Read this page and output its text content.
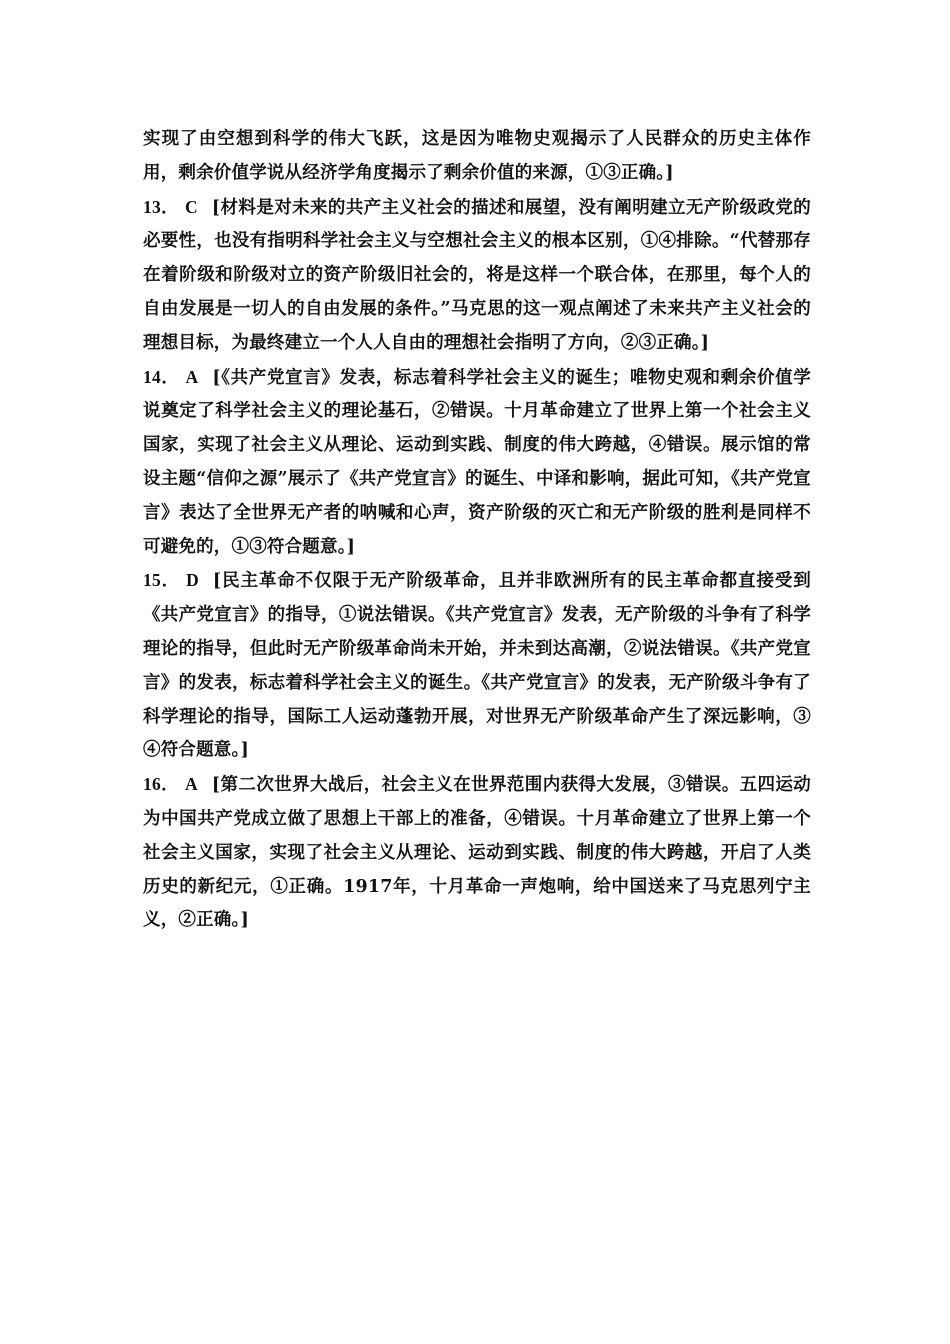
实现了由空想到科学的伟大飞跃，这是因为唯物史观揭示了人民群众的历史主体作用，剩余价值学说从经济学角度揭示了剩余价值的来源，①③正确。]

13． C [材料是对未来的共产主义社会的描述和展望，没有阐明建立无产阶级政党的必要性，也没有指明科学社会主义与空想社会主义的根本区别，①④排除。“代替那存在着阶级和阶级对立的资产阶级旧社会的，将是这样一个联合体，在那里，每个人的自由发展是一切人的自由发展的条件。”马克思的这一观点阐述了未来共产主义社会的理想目标，为最终建立一个人人自由的理想社会指明了方向，②③正确。]

14． A [《共产党宣言》发表，标志着科学社会主义的诞生；唯物史观和剩余价值学说奠定了科学社会主义的理论基石，②错误。十月革命建立了世界上第一个社会主义国家，实现了社会主义从理论、运动到实践、制度的伟大跨越，④错误。展示馆的常设主题“信仰之源”展示了《共产党宣言》的诞生、中译和影响，据此可知，《共产党宣言》表达了全世界无产者的呐喊和心声，资产阶级的灭亡和无产阶级的胜利是同样不可避免的，①③符合题意。]

15． D [民主革命不仅限于无产阶级革命，且并非欧洲所有的民主革命都直接受到《共产党宣言》的指导，①说法错误。《共产党宣言》发表，无产阶级的斗争有了科学理论的指导，但此时无产阶级革命尚未开始，并未到达高潮，②说法错误。《共产党宣言》的发表，标志着科学社会主义的诞生。《共产党宣言》的发表，无产阶级斗争有了科学理论的指导，国际工人运动蓬勃开展，对世界无产阶级革命产生了深远影响，③④符合题意。]

16． A [第二次世界大战后，社会主义在世界范围内获得大发展，③错误。五四运动为中国共产党成立做了思想上干部上的准备，④错误。十月革命建立了世界上第一个社会主义国家，实现了社会主义从理论、运动到实践、制度的伟大跨越，开启了人类历史的新纪元，①正确。1917年，十月革命一声炮响，给中国送来了马克思列宁主义，②正确。]
